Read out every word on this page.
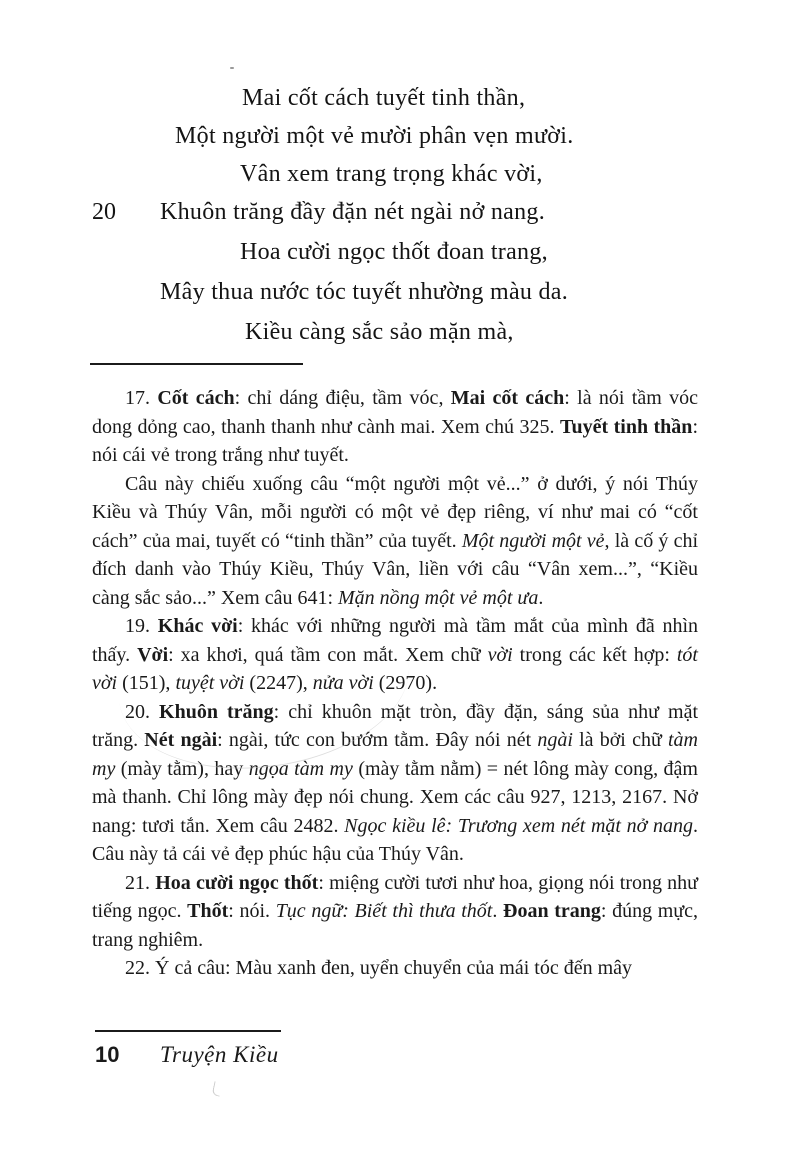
20
Mai cốt cách tuyết tinh thần,
Một người một vẻ mười phân vẹn mười.
Vân xem trang trọng khác vời,
Khuôn trăng đầy đặn nét ngài nở nang.
Hoa cười ngọc thốt đoan trang,
Mây thua nước tóc tuyết nhường màu da.
Kiều càng sắc sảo mặn mà,

17. Cốt cách: chỉ dáng điệu, tầm vóc, Mai cốt cách: là nói tầm vóc dong dỏng cao, thanh thanh như cành mai. Xem chú 325. Tuyết tinh thần: nói cái vẻ trong trắng như tuyết.

Câu này chiếu xuống câu “một người một vẻ...” ở dưới, ý nói Thúy Kiều và Thúy Vân, mỗi người có một vẻ đẹp riêng, ví như mai có “cốt cách” của mai, tuyết có “tinh thần” của tuyết. Một người một vẻ, là cố ý chỉ đích danh vào Thúy Kiều, Thúy Vân, liền với câu “Vân xem...”, “Kiều càng sắc sảo...” Xem câu 641: Mặn nồng một vẻ một ưa.

19. Khác vời: khác với những người mà tầm mắt của mình đã nhìn thấy. Vời: xa khơi, quá tầm con mắt. Xem chữ vời trong các kết hợp: tót vời (151), tuyệt vời (2247), nửa vời (2970).

20. Khuôn trăng: chỉ khuôn mặt tròn, đầy đặn, sáng sủa như mặt trăng. Nét ngài: ngài, tức con bướm tằm. Đây nói nét ngài là bởi chữ tàm my (mày tằm), hay ngọa tàm my (mày tằm nằm) = nét lông mày cong, đậm mà thanh. Chỉ lông mày đẹp nói chung. Xem các câu 927, 1213, 2167. Nở nang: tươi tắn. Xem câu 2482. Ngọc kiều lê: Trương xem nét mặt nở nang. Câu này tả cái vẻ đẹp phúc hậu của Thúy Vân.

21. Hoa cười ngọc thốt: miệng cười tươi như hoa, giọng nói trong như tiếng ngọc. Thốt: nói. Tục ngữ: Biết thì thưa thốt. Đoan trang: đúng mực, trang nghiêm.

22. Ý cả câu: Màu xanh đen, uyển chuyển của mái tóc đến mây

10 Truyện Kiều
